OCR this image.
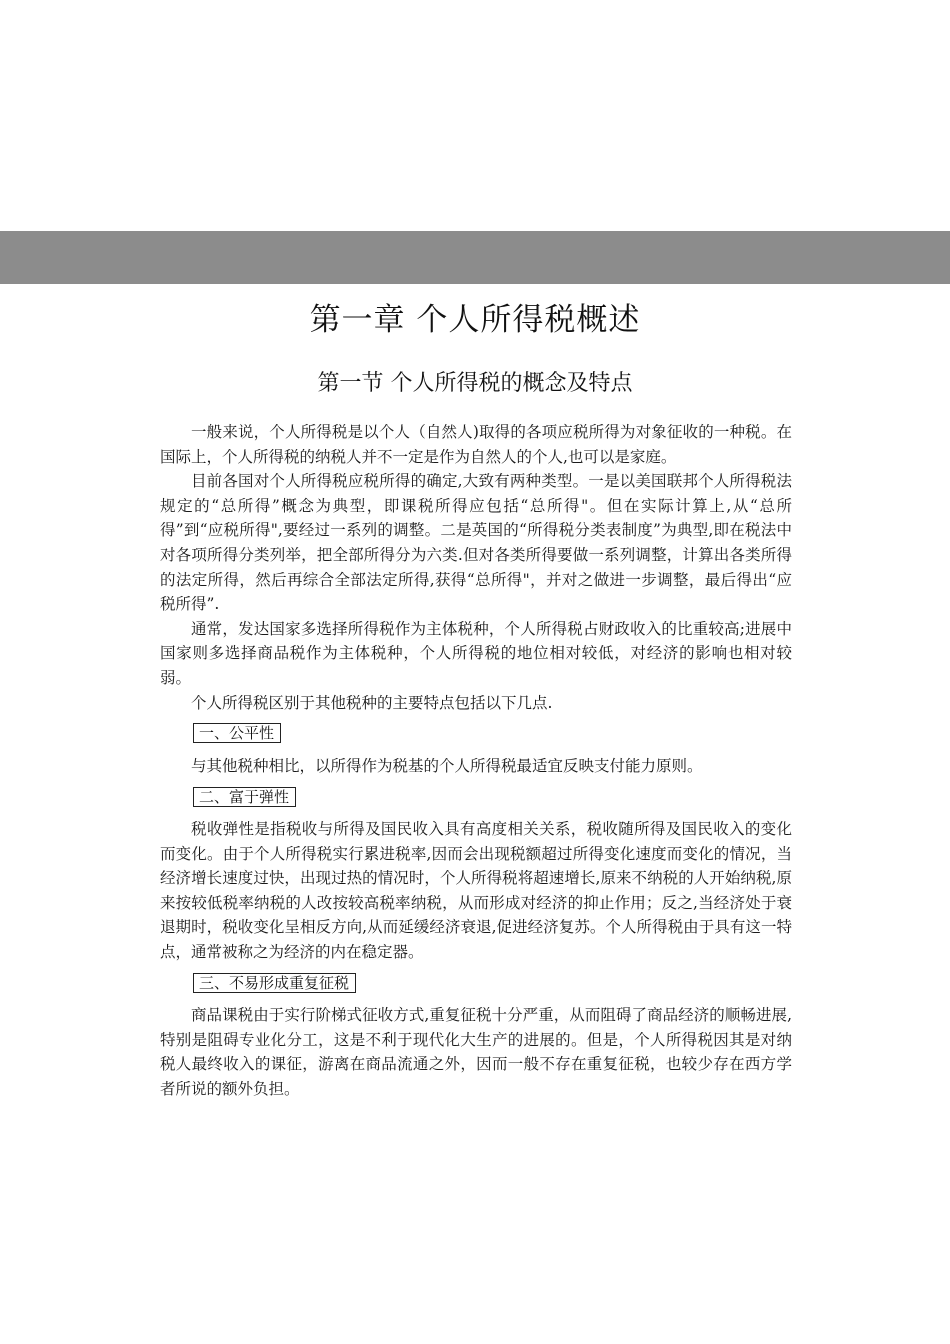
第一章 个人所得税概述
第一节 个人所得税的概念及特点

一般来说，个人所得税是以个人（自然人)取得的各项应税所得为对象征收的一种税。在国际上，个人所得税的纳税人并不一定是作为自然人的个人,也可以是家庭。

目前各国对个人所得税应税所得的确定,大致有两种类型。一是以美国联邦个人所得税法规定的“总所得”概念为典型，即课税所得应包括“总所得"。但在实际计算上,从“总所得”到“应税所得",要经过一系列的调整。二是英国的“所得税分类表制度”为典型,即在税法中对各项所得分类列举，把全部所得分为六类.但对各类所得要做一系列调整，计算出各类所得的法定所得，然后再综合全部法定所得,获得“总所得"，并对之做进一步调整，最后得出“应税所得”.

通常，发达国家多选择所得税作为主体税种，个人所得税占财政收入的比重较高;进展中国家则多选择商品税作为主体税种，个人所得税的地位相对较低，对经济的影响也相对较弱。

个人所得税区别于其他税种的主要特点包括以下几点.

一、公平性

与其他税种相比，以所得作为税基的个人所得税最适宜反映支付能力原则。

二、富于弹性

税收弹性是指税收与所得及国民收入具有高度相关关系，税收随所得及国民收入的变化而变化。由于个人所得税实行累进税率,因而会出现税额超过所得变化速度而变化的情况，当经济增长速度过快，出现过热的情况时，个人所得税将超速增长,原来不纳税的人开始纳税,原来按较低税率纳税的人改按较高税率纳税，从而形成对经济的抑止作用；反之,当经济处于衰退期时，税收变化呈相反方向,从而延缓经济衰退,促进经济复苏。个人所得税由于具有这一特点，通常被称之为经济的内在稳定器。

三、不易形成重复征税

商品课税由于实行阶梯式征收方式,重复征税十分严重，从而阻碍了商品经济的顺畅进展,特别是阻碍专业化分工，这是不利于现代化大生产的进展的。但是，个人所得税因其是对纳税人最终收入的课征，游离在商品流通之外，因而一般不存在重复征税，也较少存在西方学者所说的额外负担。
